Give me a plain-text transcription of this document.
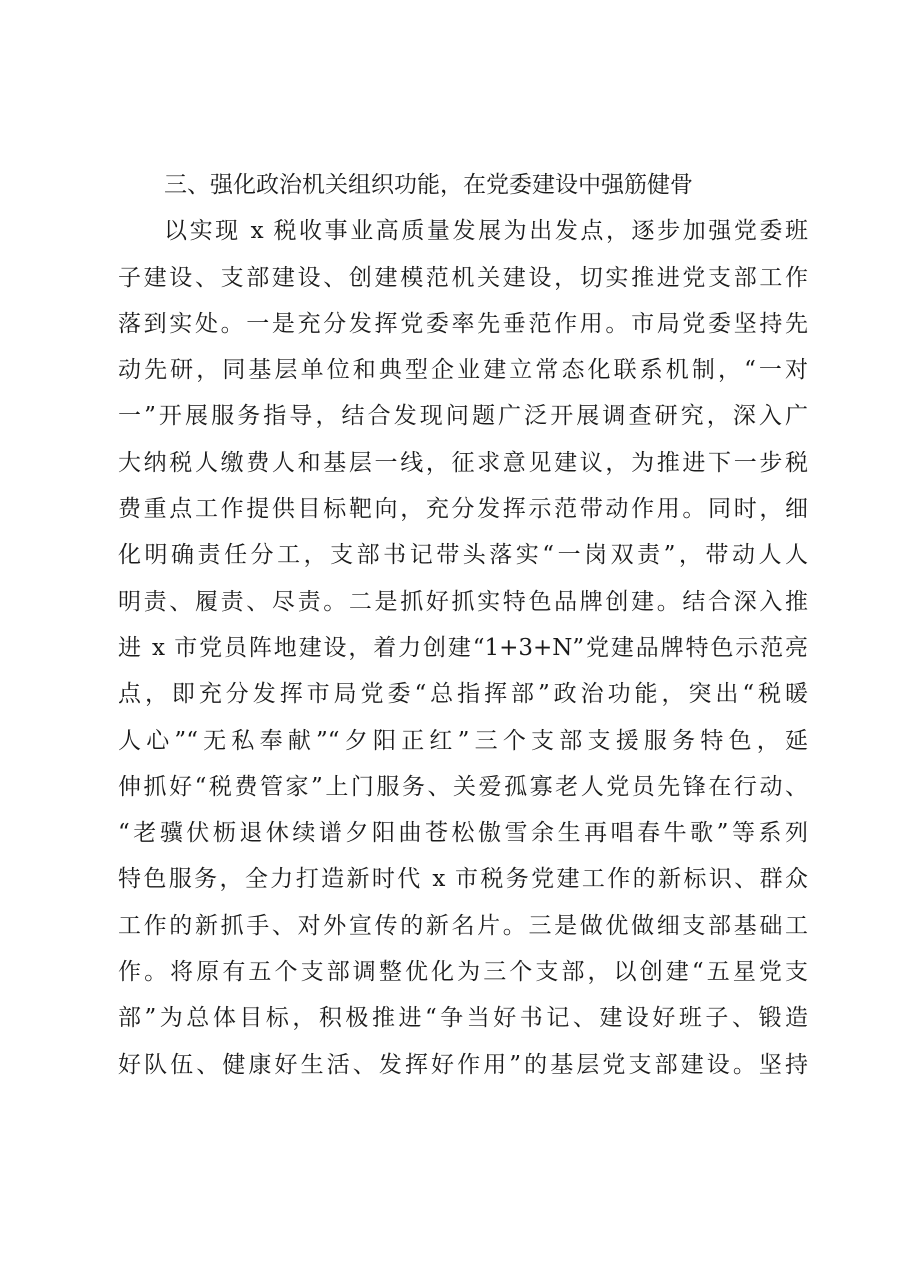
三、强化政治机关组织功能，在党委建设中强筋健骨

以实现 x 税收事业高质量发展为出发点，逐步加强党委班

子建设、支部建设、创建模范机关建设，切实推进党支部工作

落到实处。一是充分发挥党委率先垂范作用。市局党委坚持先

动先研，同基层单位和典型企业建立常态化联系机制，“一对

一”开展服务指导，结合发现问题广泛开展调查研究，深入广

大纳税人缴费人和基层一线，征求意见建议，为推进下一步税

费重点工作提供目标靶向，充分发挥示范带动作用。同时，细

化明确责任分工，支部书记带头落实“一岗双责”，带动人人

明责、履责、尽责。二是抓好抓实特色品牌创建。结合深入推

进 x 市党员阵地建设，着力创建“1+3+N”党建品牌特色示范亮

点，即充分发挥市局党委“总指挥部”政治功能，突出“税暖

人心”“无私奉献”“夕阳正红”三个支部支援服务特色，延

伸抓好“税费管家”上门服务、关爱孤寡老人党员先锋在行动、

“老骥伏枥退休续谱夕阳曲苍松傲雪余生再唱春牛歌”等系列

特色服务，全力打造新时代 x 市税务党建工作的新标识、群众

工作的新抓手、对外宣传的新名片。三是做优做细支部基础工

作。将原有五个支部调整优化为三个支部，以创建“五星党支

部”为总体目标，积极推进“争当好书记、建设好班子、锻造

好队伍、健康好生活、发挥好作用”的基层党支部建设。坚持
